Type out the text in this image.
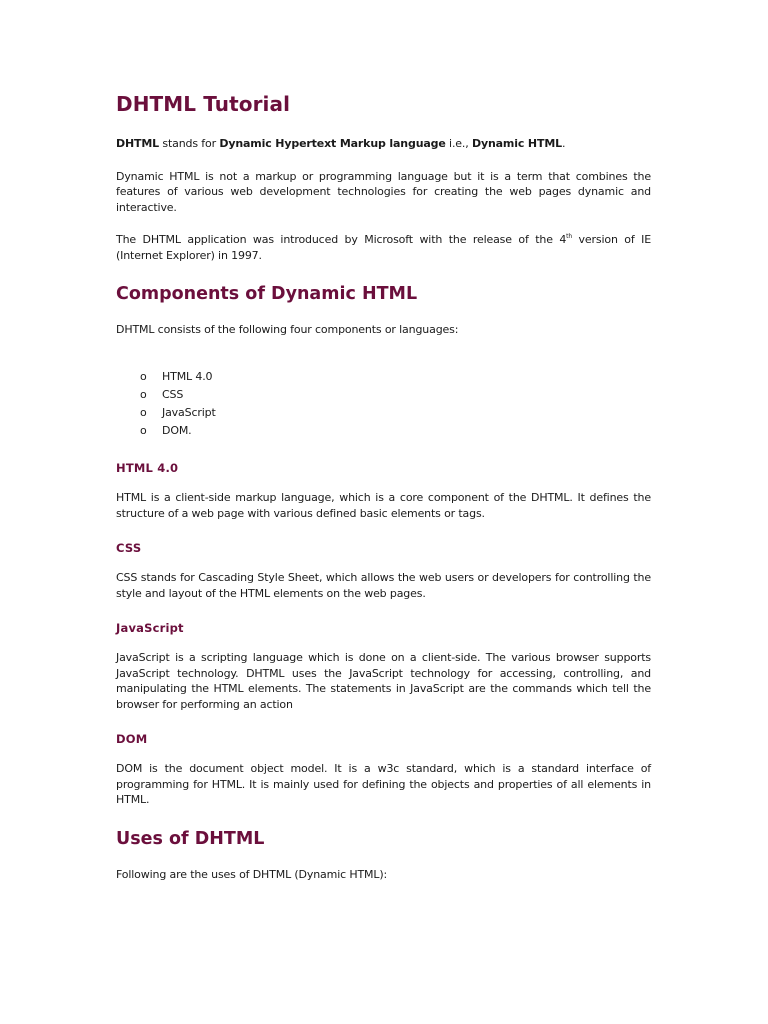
DHTML Tutorial

DHTML stands for Dynamic Hypertext Markup language i.e., Dynamic HTML.

Dynamic HTML is not a markup or programming language but it is a term that combines the features of various web development technologies for creating the web pages dynamic and interactive.

The DHTML application was introduced by Microsoft with the release of the 4th version of IE (Internet Explorer) in 1997.

Components of Dynamic HTML

DHTML consists of the following four components or languages:

o HTML 4.0
o CSS
o JavaScript
o DOM.
HTML 4.0

HTML is a client-side markup language, which is a core component of the DHTML. It defines the structure of a web page with various defined basic elements or tags.

CSS

CSS stands for Cascading Style Sheet, which allows the web users or developers for controlling the style and layout of the HTML elements on the web pages.

JavaScript

JavaScript is a scripting language which is done on a client-side. The various browser supports JavaScript technology. DHTML uses the JavaScript technology for accessing, controlling, and manipulating the HTML elements. The statements in JavaScript are the commands which tell the browser for performing an action

DOM

DOM is the document object model. It is a w3c standard, which is a standard interface of programming for HTML. It is mainly used for defining the objects and properties of all elements in HTML.

Uses of DHTML

Following are the uses of DHTML (Dynamic HTML):
